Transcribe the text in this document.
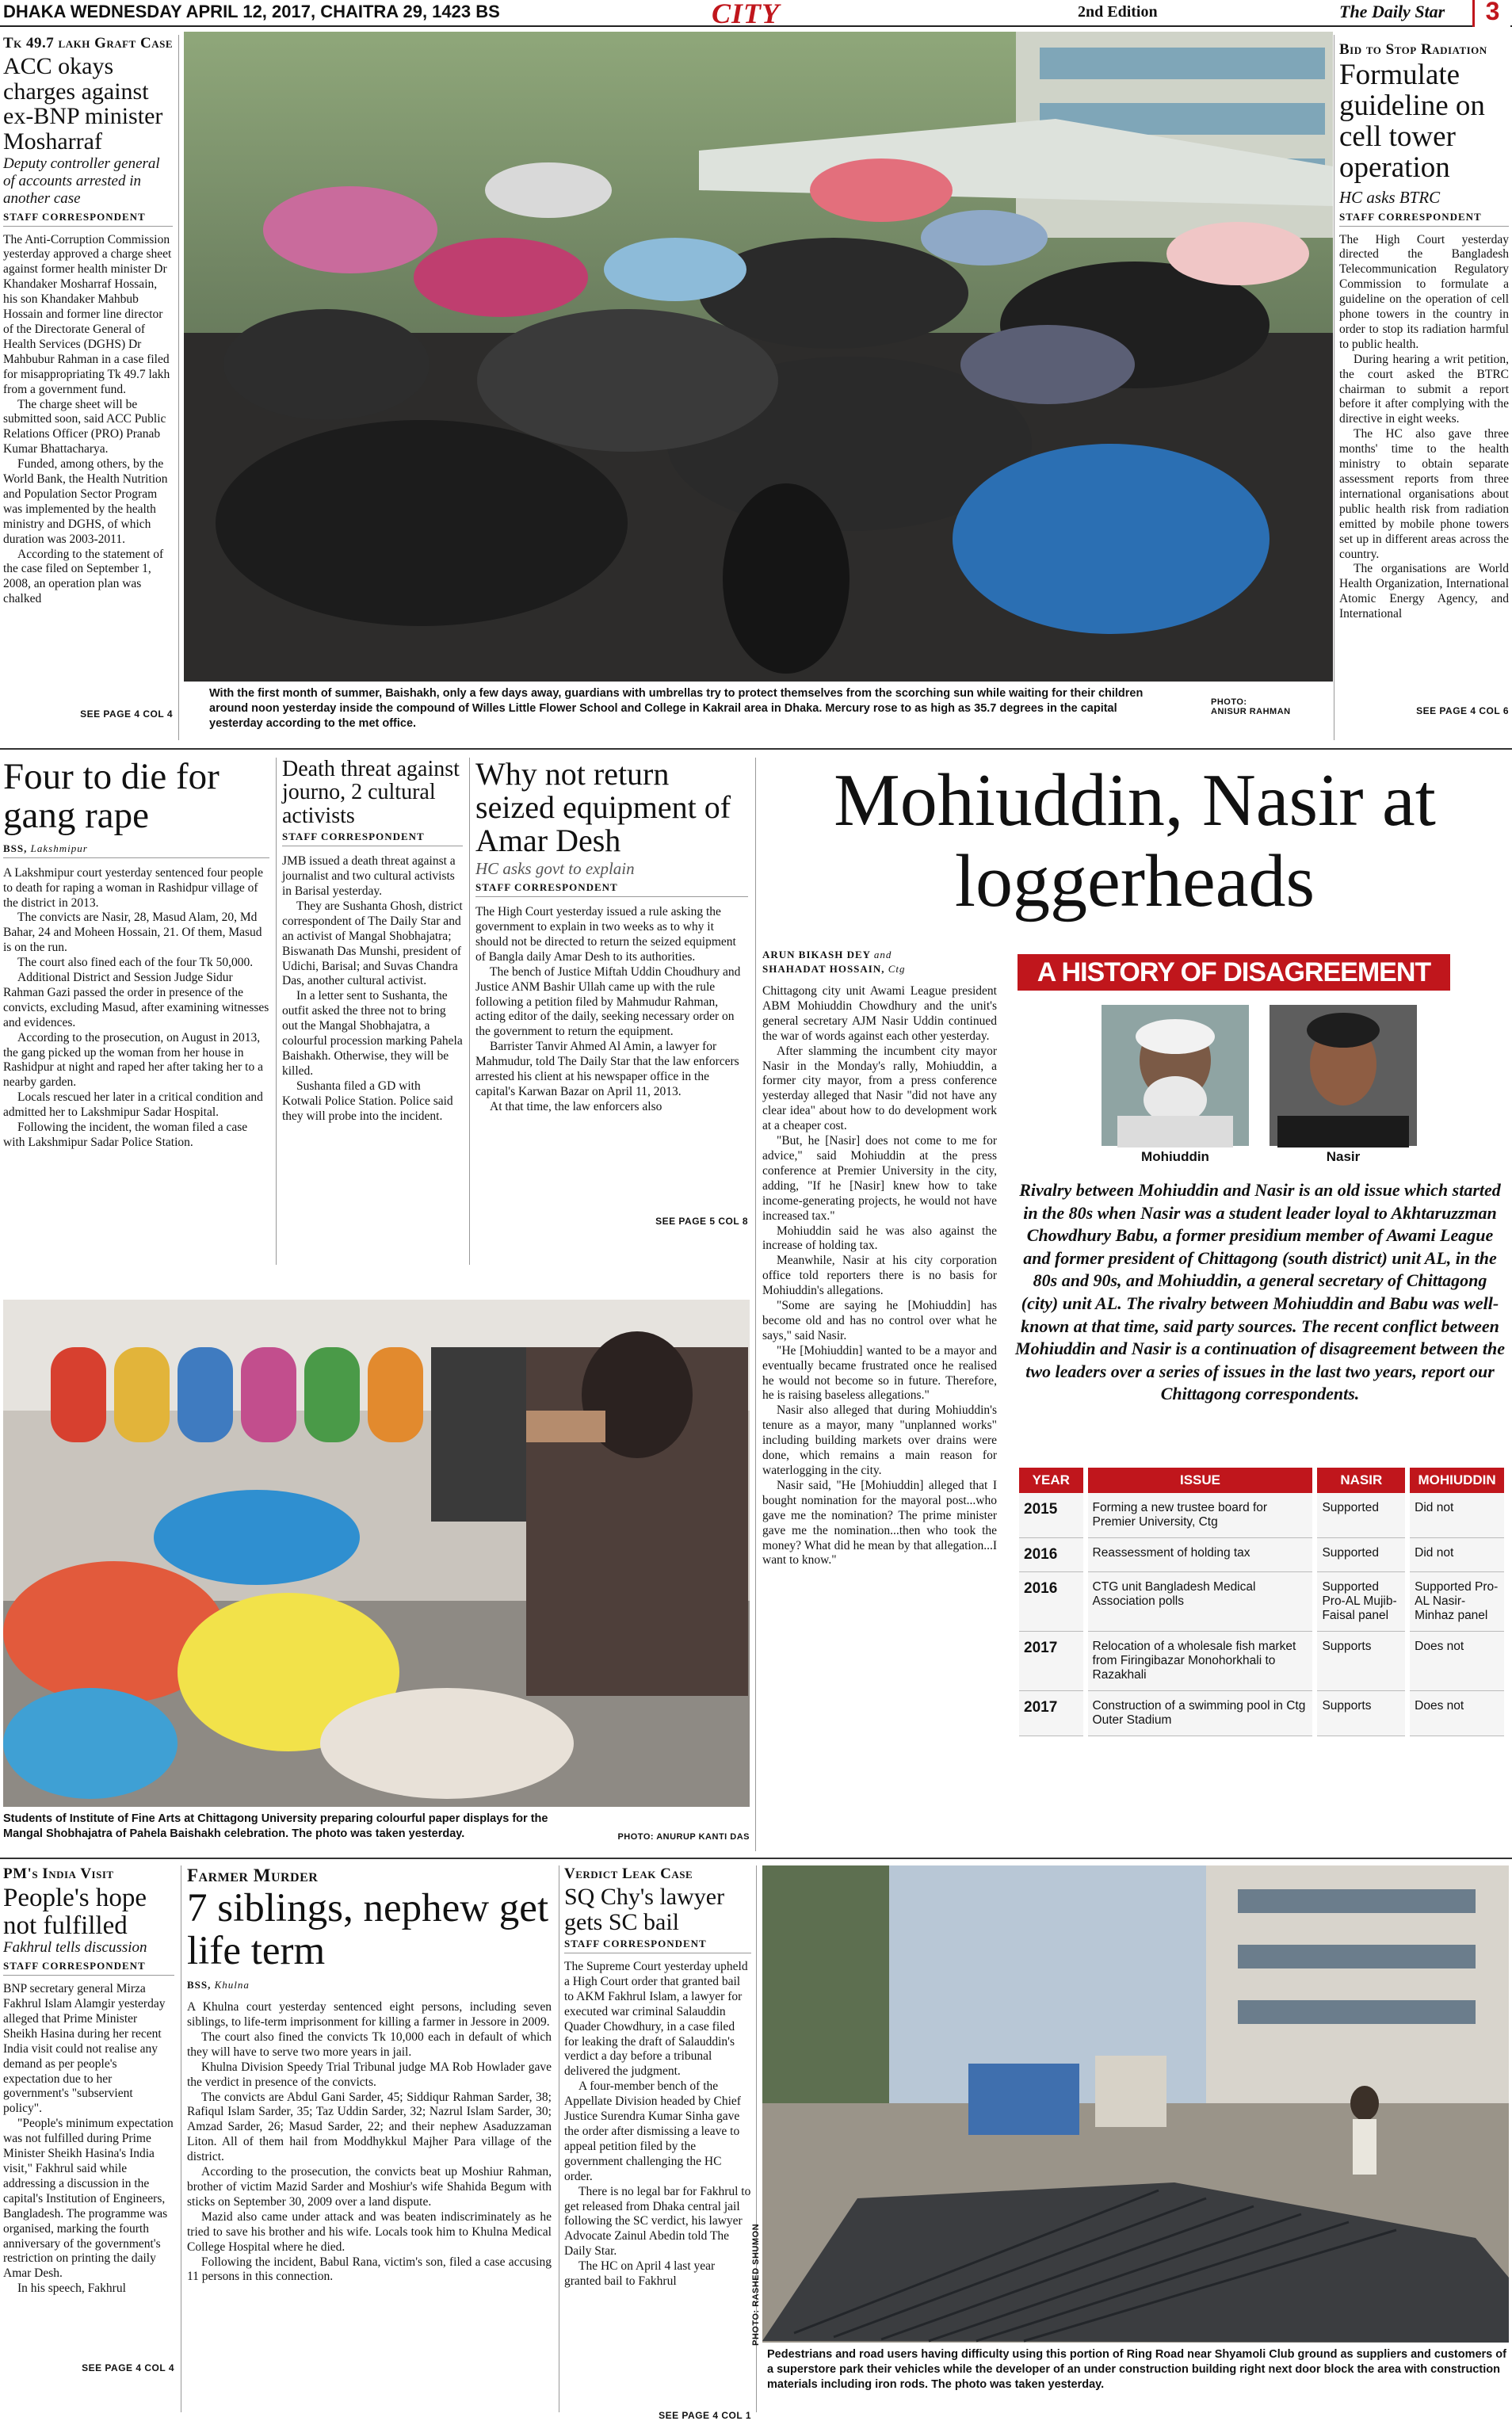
DHAKA WEDNESDAY APRIL 12, 2017, CHAITRA 29, 1423 BS	CITY	2nd Edition	The Daily Star	3
Tk 49.7 lakh Graft Case
ACC okays charges against ex-BNP minister Mosharraf
Deputy controller general of accounts arrested in another case
STAFF CORRESPONDENT

The Anti-Corruption Commission yesterday approved a charge sheet against former health minister Dr Khandaker Mosharraf Hossain, his son Khandaker Mahbub Hossain and former line director of the Directorate General of Health Services (DGHS) Dr Mahbubur Rahman in a case filed for misappropriating Tk 49.7 lakh from a government fund.

The charge sheet will be submitted soon, said ACC Public Relations Officer (PRO) Pranab Kumar Bhattacharya.

Funded, among others, by the World Bank, the Health Nutrition and Population Sector Program was implemented by the health ministry and DGHS, of which duration was 2003-2011.

According to the statement of the case filed on September 1, 2008, an operation plan was chalked

SEE PAGE 4 COL 4
With the first month of summer, Baishakh, only a few days away, guardians with umbrellas try to protect themselves from the scorching sun while waiting for their children around noon yesterday inside the compound of Willes Little Flower School and College in Kakrail area in Dhaka. Mercury rose to as high as 35.7 degrees in the capital yesterday according to the met office.
PHOTO:
ANISUR RAHMAN
Bid to Stop Radiation
Formulate guideline on cell tower operation
HC asks BTRC
STAFF CORRESPONDENT

The High Court yesterday directed the Bangladesh Telecommunication Regulatory Commission to formulate a guideline on the operation of cell phone towers in the country in order to stop its radiation harmful to public health.

During hearing a writ petition, the court asked the BTRC chairman to submit a report before it after complying with the directive in eight weeks.

The HC also gave three months' time to the health ministry to obtain separate assessment reports from three international organisations about public health risk from radiation emitted by mobile phone towers set up in different areas across the country.

The organisations are World Health Organization, International Atomic Energy Agency, and International

SEE PAGE 4 COL 6
Four to die for gang rape
BSS, Lakshmipur

A Lakshmipur court yesterday sentenced four people to death for raping a woman in Rashidpur village of the district in 2013.

The convicts are Nasir, 28, Masud Alam, 20, Md Bahar, 24 and Moheen Hossain, 21. Of them, Masud is on the run.

The court also fined each of the four Tk 50,000.

Additional District and Session Judge Sidur Rahman Gazi passed the order in presence of the convicts, excluding Masud, after examining witnesses and evidences.

According to the prosecution, on August in 2013, the gang picked up the woman from her house in Rashidpur at night and raped her after taking her to a nearby garden.

Locals rescued her later in a critical condition and admitted her to Lakshmipur Sadar Hospital.

Following the incident, the woman filed a case with Lakshmipur Sadar Police Station.

Death threat against journo, 2 cultural activists
STAFF CORRESPONDENT

JMB issued a death threat against a journalist and two cultural activists in Barisal yesterday.

They are Sushanta Ghosh, district correspondent of The Daily Star and an activist of Mangal Shobhajatra; Biswanath Das Munshi, president of Udichi, Barisal; and Suvas Chandra Das, another cultural activist.

In a letter sent to Sushanta, the outfit asked the three not to bring out the Mangal Shobhajatra, a colourful procession marking Pahela Baishakh. Otherwise, they will be killed.

Sushanta filed a GD with Kotwali Police Station. Police said they will probe into the incident.

Why not return seized equipment of Amar Desh
HC asks govt to explain
STAFF CORRESPONDENT

The High Court yesterday issued a rule asking the government to explain in two weeks as to why it should not be directed to return the seized equipment of Bangla daily Amar Desh to its authorities.

The bench of Justice Miftah Uddin Choudhury and Justice ANM Bashir Ullah came up with the rule following a petition filed by Mahmudur Rahman, acting editor of the daily, seeking necessary order on the government to return the equipment.

Barrister Tanvir Ahmed Al Amin, a lawyer for Mahmudur, told The Daily Star that the law enforcers arrested his client at his newspaper office in the capital's Karwan Bazar on April 11, 2013.

At that time, the law enforcers also

SEE PAGE 5 COL 8
Students of Institute of Fine Arts at Chittagong University preparing colourful paper displays for the Mangal Shobhajatra of Pahela Baishakh celebration. The photo was taken yesterday.	PHOTO: ANURUP KANTI DAS
Mohiuddin, Nasir at loggerheads
ARUN BIKASH DEY and
SHAHADAT HOSSAIN, Ctg

Chittagong city unit Awami League president ABM Mohiuddin Chowdhury and the unit's general secretary AJM Nasir Uddin continued the war of words against each other yesterday.

After slamming the incumbent city mayor Nasir in the Monday's rally, Mohiuddin, a former city mayor, from a press conference yesterday alleged that Nasir "did not have any clear idea" about how to do development work at a cheaper cost.

"But, he [Nasir] does not come to me for advice," said Mohiuddin at the press conference at Premier University in the city, adding, "If he [Nasir] knew how to take income-generating projects, he would not have increased tax."

Mohiuddin said he was also against the increase of holding tax.

Meanwhile, Nasir at his city corporation office told reporters there is no basis for Mohiuddin's allegations.

"Some are saying he [Mohiuddin] has become old and has no control over what he says," said Nasir.

"He [Mohiuddin] wanted to be a mayor and eventually became frustrated once he realised he would not become so in future. Therefore, he is raising baseless allegations."

Nasir also alleged that during Mohiuddin's tenure as a mayor, many "unplanned works" including building markets over drains were done, which remains a main reason for waterlogging in the city.

Nasir said, "He [Mohiuddin] alleged that I bought nomination for the mayoral post...who gave me the nomination? The prime minister gave me the nomination...then who took the money? What did he mean by that allegation...I want to know."

A HISTORY OF DISAGREEMENT
Mohiuddin	Nasir
Rivalry between Mohiuddin and Nasir is an old issue which started in the 80s when Nasir was a student leader loyal to Akhtaruzzman Chowdhury Babu, a former presidium member of Awami League and former president of Chittagong (south district) unit AL, in the 80s and 90s, and Mohiuddin, a general secretary of Chittagong (city) unit AL. The rivalry between Mohiuddin and Babu was well-known at that time, said party sources. The recent conflict between Mohiuddin and Nasir is a continuation of disagreement between the two leaders over a series of issues in the last two years, report our Chittagong correspondents.
YEAR	ISSUE	NASIR	MOHIUDDIN
2015	Forming a new trustee board for Premier University, Ctg	Supported	Did not
2016	Reassessment of holding tax	Supported	Did not
2016	CTG unit Bangladesh Medical Association polls	Supported Pro-AL Mujib-Faisal panel	Supported Pro-AL Nasir-Minhaz panel
2017	Relocation of a wholesale fish market from Firingibazar Monohorkhali to Razakhali	Supports	Does not
2017	Construction of a swimming pool in Ctg Outer Stadium	Supports	Does not
PM's India Visit
People's hope not fulfilled
Fakhrul tells discussion
STAFF CORRESPONDENT

BNP secretary general Mirza Fakhrul Islam Alamgir yesterday alleged that Prime Minister Sheikh Hasina during her recent India visit could not realise any demand as per people's expectation due to her government's "subservient policy".

"People's minimum expectation was not fulfilled during Prime Minister Sheikh Hasina's India visit," Fakhrul said while addressing a discussion in the capital's Institution of Engineers, Bangladesh. The programme was organised, marking the fourth anniversary of the government's restriction on printing the daily Amar Desh.

In his speech, Fakhrul

SEE PAGE 4 COL 4
Farmer Murder
7 siblings, nephew get life term
BSS, Khulna

A Khulna court yesterday sentenced eight persons, including seven siblings, to life-term imprisonment for killing a farmer in Jessore in 2009.

The court also fined the convicts Tk 10,000 each in default of which they will have to serve two more years in jail.

Khulna Division Speedy Trial Tribunal judge MA Rob Howlader gave the verdict in presence of the convicts.

The convicts are Abdul Gani Sarder, 45; Siddiqur Rahman Sarder, 38; Rafiqul Islam Sarder, 35; Taz Uddin Sarder, 32; Nazrul Islam Sarder, 30; Amzad Sarder, 26; Masud Sarder, 22; and their nephew Asaduzzaman Liton. All of them hail from Moddhykkul Majher Para village of the district.

According to the prosecution, the convicts beat up Moshiur Rahman, brother of victim Mazid Sarder and Moshiur's wife Shahida Begum with sticks on September 30, 2009 over a land dispute.

Mazid also came under attack and was beaten indiscriminately as he tried to save his brother and his wife. Locals took him to Khulna Medical College Hospital where he died.

Following the incident, Babul Rana, victim's son, filed a case accusing 11 persons in this connection.

Verdict Leak Case
SQ Chy's lawyer gets SC bail
STAFF CORRESPONDENT

The Supreme Court yesterday upheld a High Court order that granted bail to AKM Fakhrul Islam, a lawyer for executed war criminal Salauddin Quader Chowdhury, in a case filed for leaking the draft of Salauddin's verdict a day before a tribunal delivered the judgment.

A four-member bench of the Appellate Division headed by Chief Justice Surendra Kumar Sinha gave the order after dismissing a leave to appeal petition filed by the government challenging the HC order.

There is no legal bar for Fakhrul to get released from Dhaka central jail following the SC verdict, his lawyer Advocate Zainul Abedin told The Daily Star.

The HC on April 4 last year granted bail to Fakhrul

SEE PAGE 4 COL 1
PHOTO: RASHED SHUMON
Pedestrians and road users having difficulty using this portion of Ring Road near Shyamoli Club ground as suppliers and customers of a superstore park their vehicles while the developer of an under construction building right next door block the area with construction materials including iron rods. The photo was taken yesterday.
